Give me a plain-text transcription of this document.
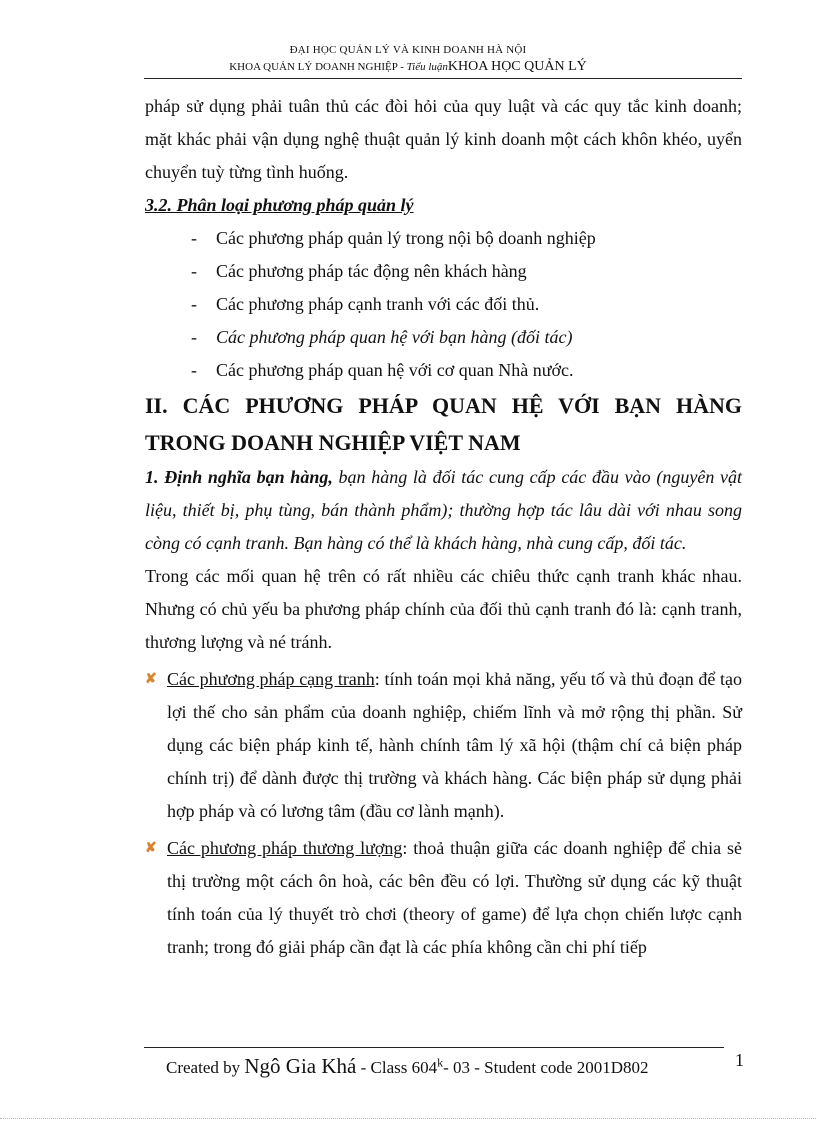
ĐẠI HỌC QUẢN LÝ VÀ KINH DOANH HÀ NỘI
KHOA QUẢN LÝ DOANH NGHIỆP - Tiểu luậnKHOA HỌC QUẢN LÝ

pháp sử dụng phải tuân thủ các đòi hỏi của quy luật và các quy tắc kinh doanh; mặt khác phải vận dụng nghệ thuật quản lý kinh doanh một cách khôn khéo, uyển chuyển tuỳ từng tình huống.

3.2. Phân loại phương pháp quản lý

- Các phương pháp quản lý trong nội bộ doanh nghiệp

- Các phương pháp tác động nên khách hàng

- Các phương pháp cạnh tranh với các đối thủ.

- Các phương pháp quan hệ với bạn hàng (đối tác)

- Các phương pháp quan hệ với cơ quan Nhà nước.

II. CÁC PHƯƠNG PHÁP QUAN HỆ VỚI BẠN HÀNG TRONG DOANH NGHIỆP VIỆT NAM

1. Định nghĩa bạn hàng, bạn hàng là đối tác cung cấp các đầu vào (nguyên vật liệu, thiết bị, phụ tùng, bán thành phẩm); thường hợp tác lâu dài với nhau song còng có cạnh tranh. Bạn hàng có thể là khách hàng, nhà cung cấp, đối tác.

Trong các mối quan hệ trên có rất nhiều các chiêu thức cạnh tranh khác nhau. Nhưng có chủ yếu ba phương pháp chính của đối thủ cạnh tranh đó là: cạnh tranh, thương lượng và né tránh.

✘ Các phương pháp cạng tranh: tính toán mọi khả năng, yếu tố và thủ đoạn để tạo lợi thế cho sản phẩm của doanh nghiệp, chiếm lĩnh và mở rộng thị phần. Sử dụng các biện pháp kinh tế, hành chính tâm lý xã hội (thậm chí cả biện pháp chính trị) để dành được thị trường và khách hàng. Các biện pháp sử dụng phải hợp pháp và có lương tâm (đầu cơ lành mạnh).

✘ Các phương pháp thương lượng: thoả thuận giữa các doanh nghiệp để chia sẻ thị trường một cách ôn hoà, các bên đều có lợi. Thường sử dụng các kỹ thuật tính toán của lý thuyết trò chơi (theory of game) để lựa chọn chiến lược cạnh tranh; trong đó giải pháp cần đạt là các phía không cần chi phí tiếp

Created by Ngô Gia Khá - Class 604$^k$- 03 - Student code 2001D802	1
